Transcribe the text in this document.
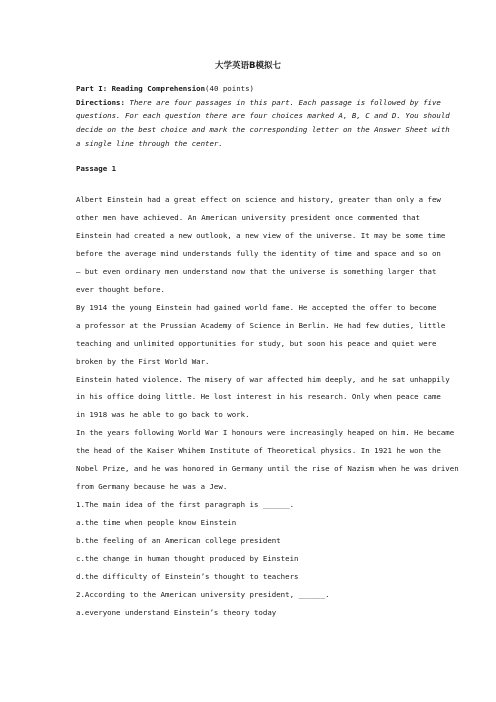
大学英语B模拟七
Part I: Reading Comprehension(40 points)
Directions: There are four passages in this part. Each passage is followed by five
questions. For each question there are four choices marked A, B, C and D. You should
decide on the best choice and mark the corresponding letter on the Answer Sheet with
a single line through the center.
Passage 1
Albert Einstein had a great effect on science and history, greater than only a few
other men have achieved. An American university president once commented that
Einstein had created a new outlook, a new view of the universe. It may be some time
before the average mind understands fully the identity of time and space and so on
— but even ordinary men understand now that the universe is something larger that
ever thought before.
By 1914 the young Einstein had gained world fame. He accepted the offer to become
a professor at the Prussian Academy of Science in Berlin. He had few duties, little
teaching and unlimited opportunities for study, but soon his peace and quiet were
broken by the First World War.
Einstein hated violence. The misery of war affected him deeply, and he sat unhappily
in his office doing little. He lost interest in his research. Only when peace came
in 1918 was he able to go back to work.
In the years following World War I honours were increasingly heaped on him. He became
the head of the Kaiser Whihem Institute of Theoretical physics. In 1921 he won the
Nobel Prize, and he was honored in Germany until the rise of Nazism when he was driven
from Germany because he was a Jew.
1.The main idea of the first paragraph is ______.
a.the time when people know Einstein
b.the feeling of an American college president
c.the change in human thought produced by Einstein
d.the difficulty of Einstein’s thought to teachers
2.According to the American university president, ______.
a.everyone understand Einstein’s theory today
